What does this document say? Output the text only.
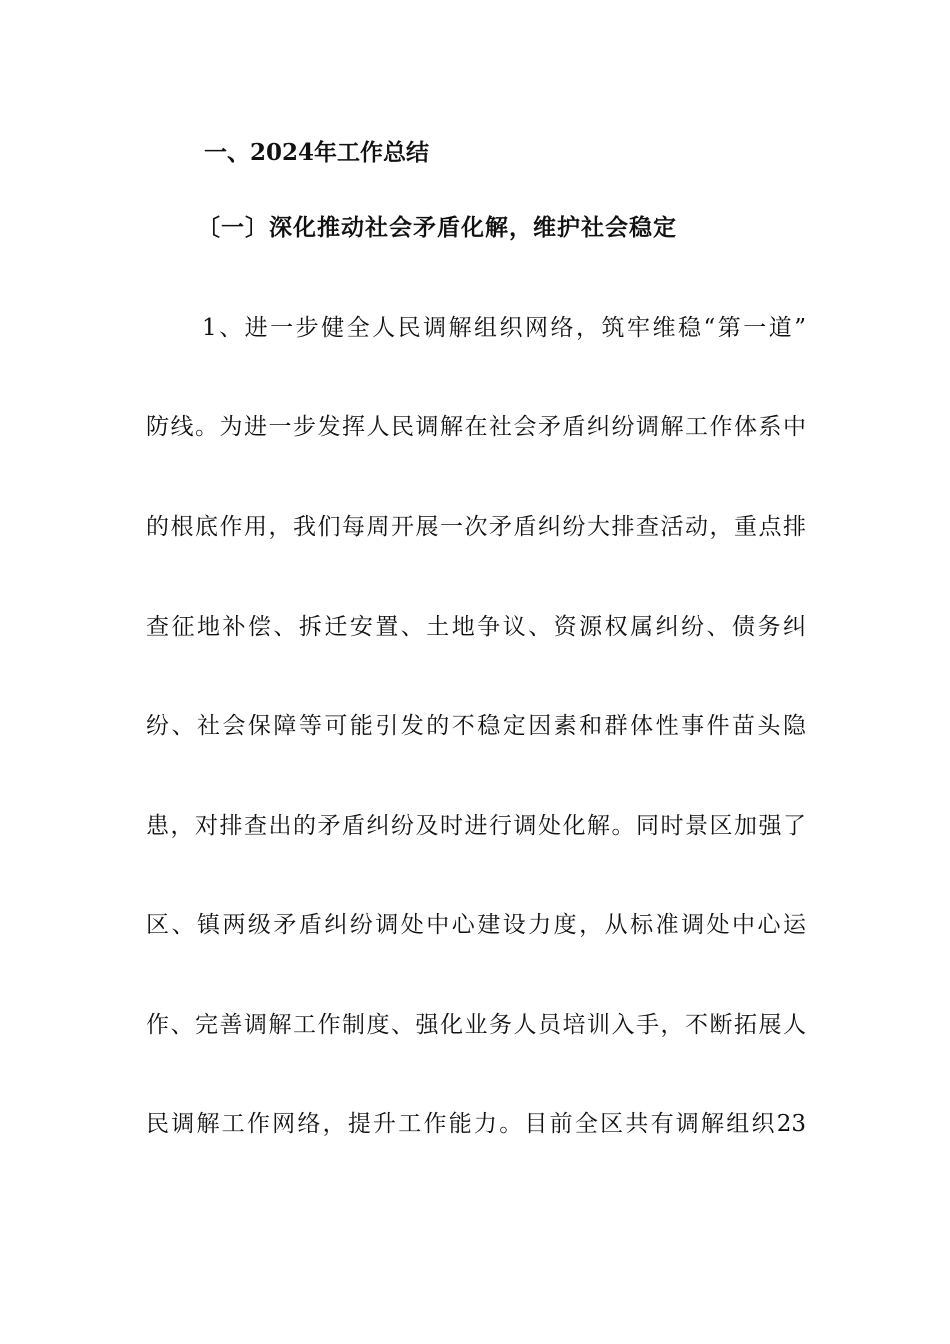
一、2024年工作总结
〔一〕深化推动社会矛盾化解，维护社会稳定

1、进一步健全人民调解组织网络，筑牢维稳“第一道”

防线。为进一步发挥人民调解在社会矛盾纠纷调解工作体系中

的根底作用，我们每周开展一次矛盾纠纷大排查活动，重点排

查征地补偿、拆迁安置、土地争议、资源权属纠纷、债务纠

纷、社会保障等可能引发的不稳定因素和群体性事件苗头隐

患，对排查出的矛盾纠纷及时进行调处化解。同时景区加强了

区、镇两级矛盾纠纷调处中心建设力度，从标准调处中心运

作、完善调解工作制度、强化业务人员培训入手，不断拓展人

民调解工作网络，提升工作能力。目前全区共有调解组织23
